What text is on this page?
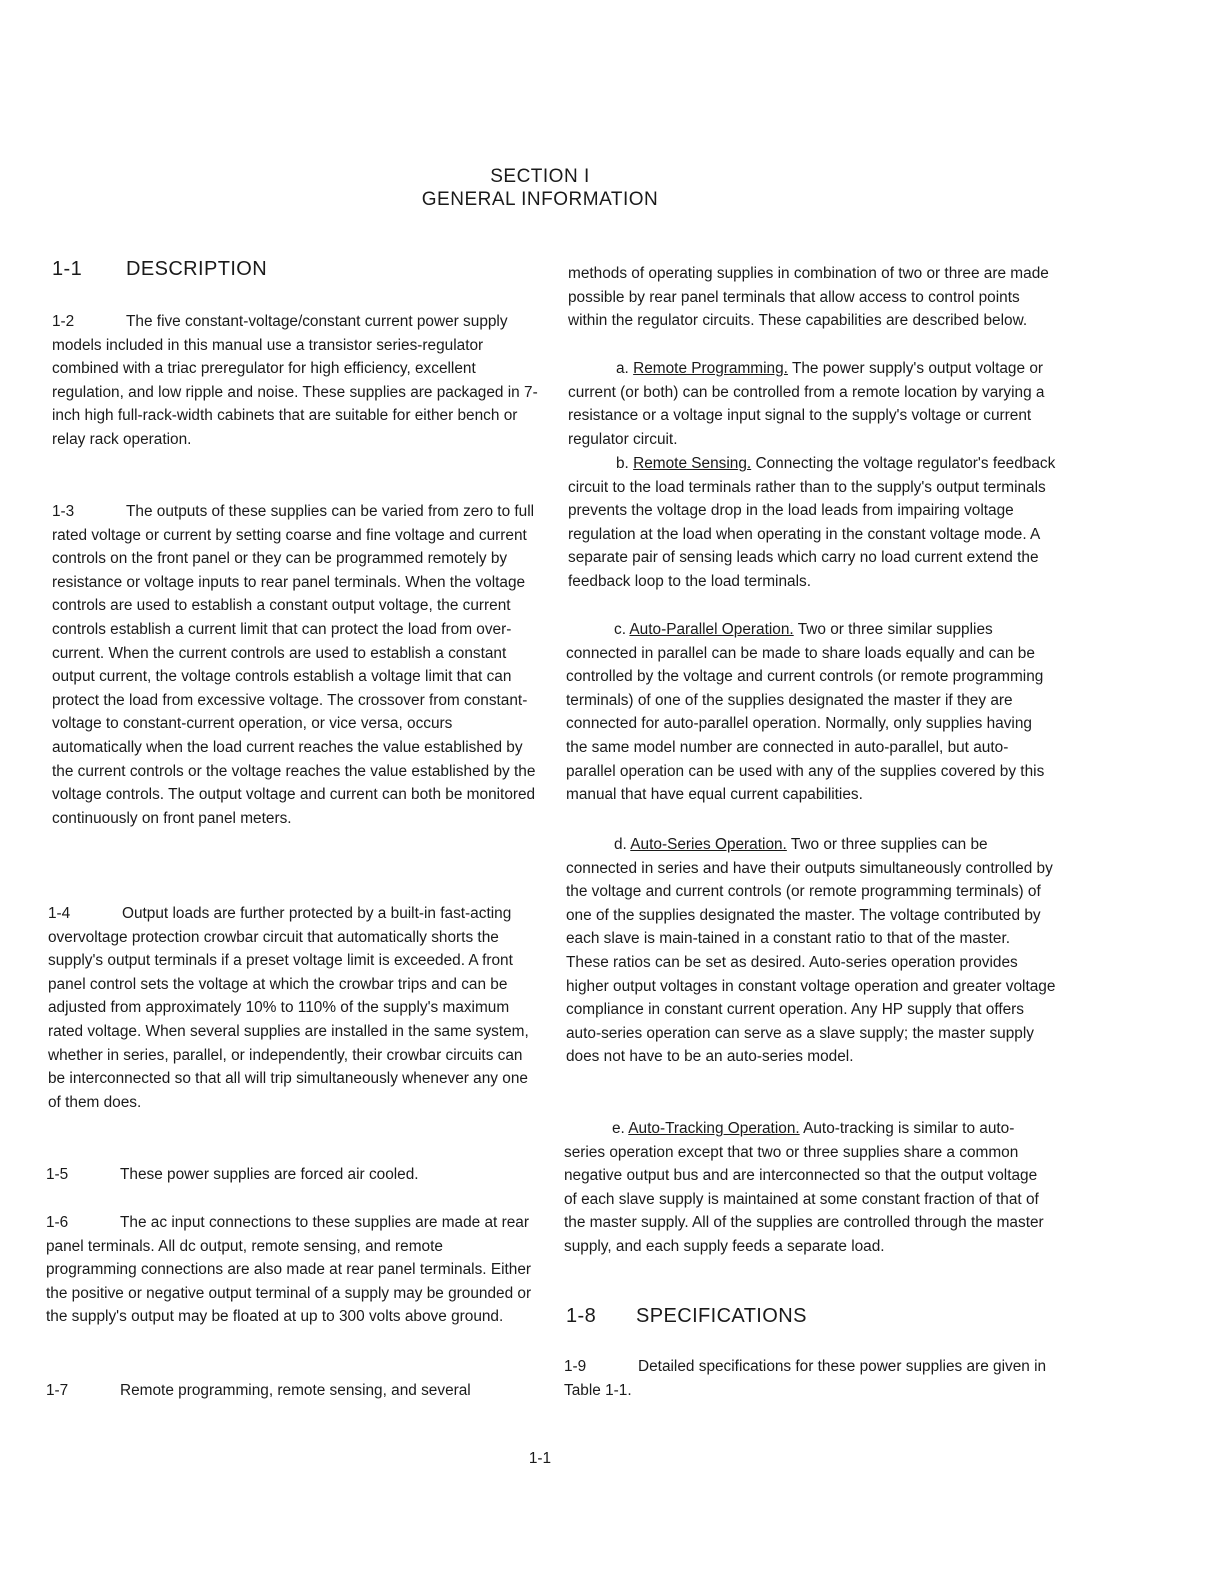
SECTION I
GENERAL INFORMATION
1-1	DESCRIPTION

1-2	The five constant-voltage/constant current power supply models included in this manual use a transistor series-regulator combined with a triac preregulator for high efficiency, excellent regulation, and low ripple and noise. These supplies are packaged in 7-inch high full-rack-width cabinets that are suitable for either bench or relay rack operation.

1-3	The outputs of these supplies can be varied from zero to full rated voltage or current by setting coarse and fine voltage and current controls on the front panel or they can be programmed remotely by resistance or voltage inputs to rear panel terminals. When the voltage controls are used to establish a constant output voltage, the current controls establish a current limit that can protect the load from over-current. When the current controls are used to establish a constant output current, the voltage controls establish a voltage limit that can protect the load from excessive voltage. The crossover from constant-voltage to constant-current operation, or vice versa, occurs automatically when the load current reaches the value established by the current controls or the voltage reaches the value established by the voltage controls. The output voltage and current can both be monitored continuously on front panel meters.

1-4	Output loads are further protected by a built-in fast-acting overvoltage protection crowbar circuit that automatically shorts the supply's output terminals if a preset voltage limit is exceeded. A front panel control sets the voltage at which the crowbar trips and can be adjusted from approximately 10% to 110% of the supply's maximum rated voltage. When several supplies are installed in the same system, whether in series, parallel, or independently, their crowbar circuits can be interconnected so that all will trip simultaneously whenever any one of them does.

1-5	These power supplies are forced air cooled.

1-6	The ac input connections to these supplies are made at rear panel terminals. All dc output, remote sensing, and remote programming connections are also made at rear panel terminals. Either the positive or negative output terminal of a supply may be grounded or the supply's output may be floated at up to 300 volts above ground.

1-7	Remote programming, remote sensing, and several

methods of operating supplies in combination of two or three are made possible by rear panel terminals that allow access to control points within the regulator circuits. These capabilities are described below.

a. Remote Programming. The power supply's output voltage or current (or both) can be controlled from a remote location by varying a resistance or a voltage input signal to the supply's voltage or current regulator circuit.

b. Remote Sensing. Connecting the voltage regulator's feedback circuit to the load terminals rather than to the supply's output terminals prevents the voltage drop in the load leads from impairing voltage regulation at the load when operating in the constant voltage mode. A separate pair of sensing leads which carry no load current extend the feedback loop to the load terminals.

c. Auto-Parallel Operation. Two or three similar supplies connected in parallel can be made to share loads equally and can be controlled by the voltage and current controls (or remote programming terminals) of one of the supplies designated the master if they are connected for auto-parallel operation. Normally, only supplies having the same model number are connected in auto-parallel, but auto-parallel operation can be used with any of the supplies covered by this manual that have equal current capabilities.

d. Auto-Series Operation. Two or three supplies can be connected in series and have their outputs simultaneously controlled by the voltage and current controls (or remote programming terminals) of one of the supplies designated the master. The voltage contributed by each slave is main-tained in a constant ratio to that of the master. These ratios can be set as desired. Auto-series operation provides higher output voltages in constant voltage operation and greater voltage compliance in constant current operation. Any HP supply that offers auto-series operation can serve as a slave supply; the master supply does not have to be an auto-series model.

e. Auto-Tracking Operation. Auto-tracking is similar to auto-series operation except that two or three supplies share a common negative output bus and are interconnected so that the output voltage of each slave supply is maintained at some constant fraction of that of the master supply. All of the supplies are controlled through the master supply, and each supply feeds a separate load.

1-8	SPECIFICATIONS

1-9	Detailed specifications for these power supplies are given in Table 1-1.

1-1
